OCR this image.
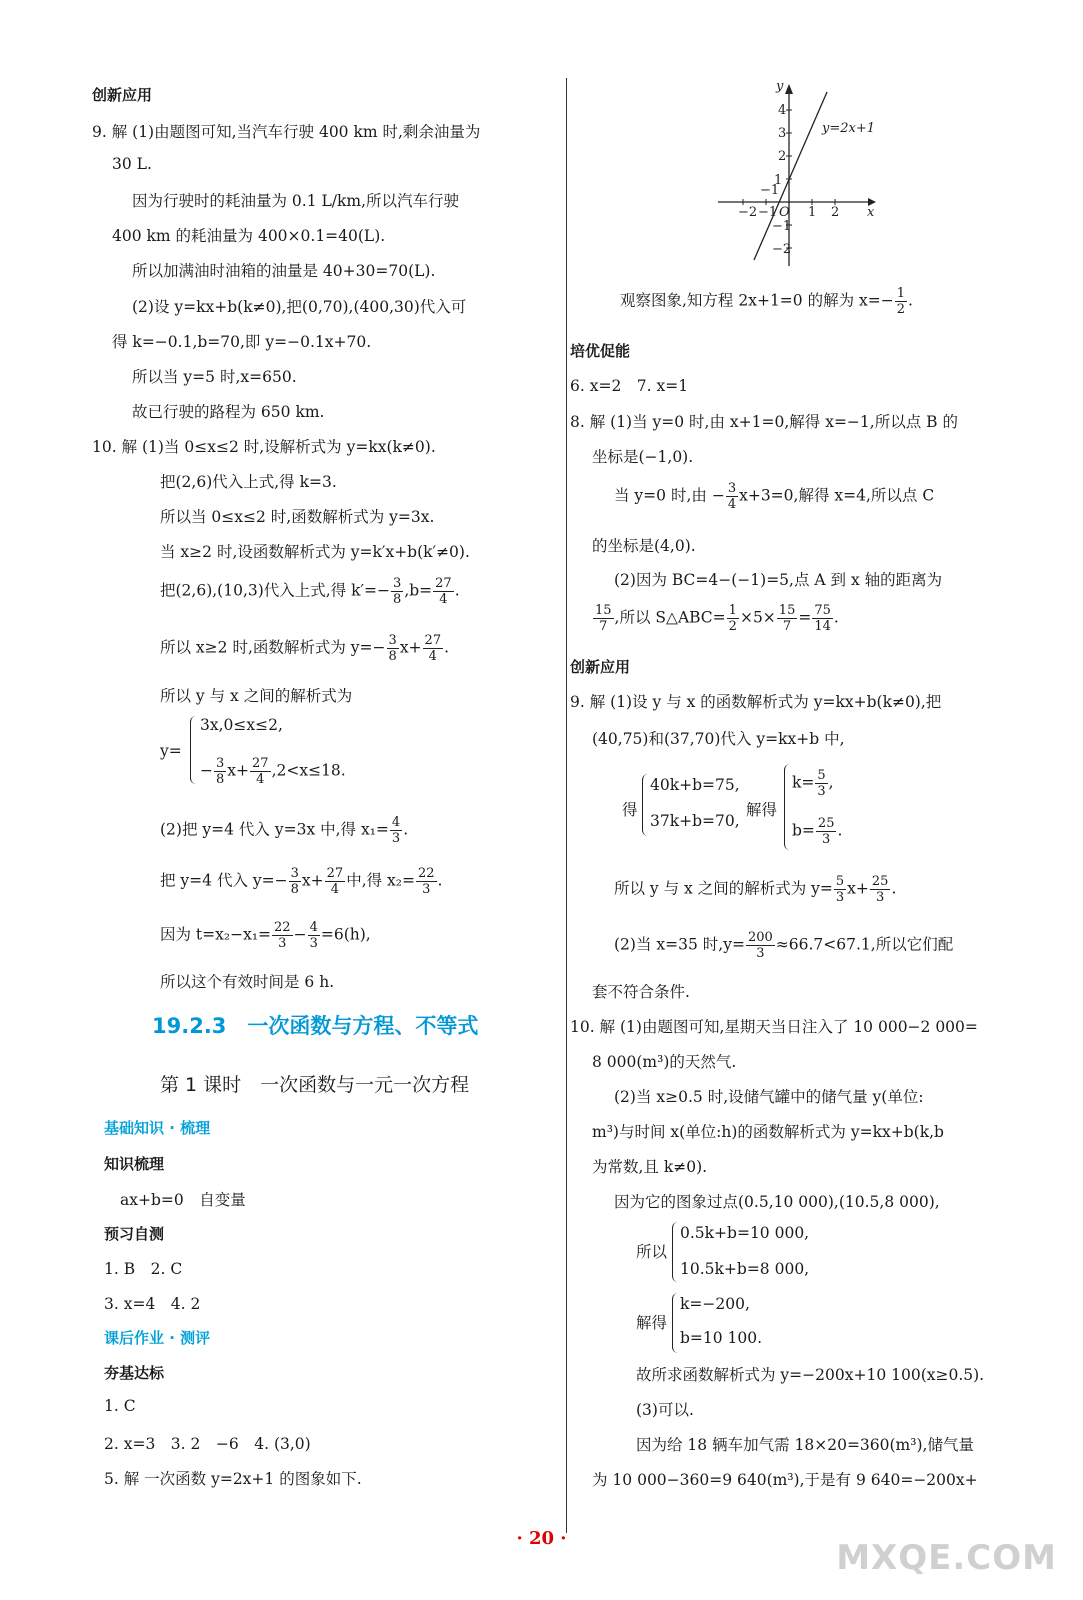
创新应用
9. 解 (1)由题图可知,当汽车行驶 400 km 时,剩余油量为
30 L.
因为行驶时的耗油量为 0.1 L/km,所以汽车行驶
400 km 的耗油量为 400×0.1=40(L).
所以加满油时油箱的油量是 40+30=70(L).
(2)设 y=kx+b(k≠0),把(0,70),(400,30)代入可
得 k=−0.1,b=70,即 y=−0.1x+70.
所以当 y=5 时,x=650.
故已行驶的路程为 650 km.
10. 解 (1)当 0≤x≤2 时,设解析式为 y=kx(k≠0).
把(2,6)代入上式,得 k=3.
所以当 0≤x≤2 时,函数解析式为 y=3x.
当 x≥2 时,设函数解析式为 y=k′x+b(k′≠0).
把(2,6),(10,3)代入上式,得 $k'=- \frac{3}{8} ,b= \frac{27}{4}$ .
所以 x≥2 时,函数解析式为 $y=- \frac{3}{8} x+ \frac{27}{4}$ .
所以 y 与 x 之间的解析式为
y=
3x,0≤x≤2,
− $\frac{3}{8} x+ \frac{27}{4} ,2<x\le 18$.
(2)把 y=4 代入 y=3x 中,得 $x_1= \frac{4}{3}$ .
把 y=4 代入 $y=- \frac{3}{8} x+ \frac{27}{4}$ 中,得 $x_2= \frac{22}{3}$ .
因为 $t=x_2-x_1= \frac{22}{3} - \frac{4}{3} =6(h)$,
所以这个有效时间是 6 h.
19.2.3　一次函数与方程、不等式
第 1 课时　一次函数与一元一次方程
基础知识 · 梳理
知识梳理
ax+b=0　自变量
预习自测
1. B　2. C
3. x=4　4. 2
课后作业 · 测评
夯基达标
1. C
2. x=3　3. 2　−6　4. (3,0)
5. 解 一次函数 y=2x+1 的图象如下.
y
x
O
y=2x+1
4
3
2
1
−1
−2 −1 1 2
−1
−2
观察图象,知方程 2x+1=0 的解为 $x=- \frac{1}{2}$ .
培优促能
6. x=2　7. x=1
8. 解 (1)当 y=0 时,由 x+1=0,解得 x=−1,所以点 B 的
坐标是(−1,0).
当 y=0 时,由 − $\frac{3}{4} x+3=0$,解得 x=4,所以点 C
的坐标是(4,0).
(2)因为 BC=4−(−1)=5,点 A 到 x 轴的距离为
$\frac{15}{7}$ ,所以 S△ABC= $\frac{1}{2} \times 5\times \frac{15}{7} = \frac{75}{14}$ .
创新应用
9. 解 (1)设 y 与 x 的函数解析式为 y=kx+b(k≠0),把
(40,75)和(37,70)代入 y=kx+b 中,
得
40k+b=75,
37k+b=70,
解得
$k= \frac{5}{3}$ ,
$b= \frac{25}{3}$ .
所以 y 与 x 之间的解析式为 $y= \frac{5}{3} x+ \frac{25}{3}$ .
(2)当 x=35 时$,y= \frac{200}{3} \approx 66.7<67.1$,所以它们配
套不符合条件.
10. 解 (1)由题图可知,星期天当日注入了 10 000−2 000=
8 000(m³)的天然气.
(2)当 x≥0.5 时,设储气罐中的储气量 y(单位:
m³)与时间 x(单位:h)的函数解析式为 y=kx+b(k,b
为常数,且 k≠0).
因为它的图象过点(0.5,10 000),(10.5,8 000),
所以
0.5k+b=10 000,
10.5k+b=8 000,
解得
k=−200,
b=10 100.
故所求函数解析式为 y=−200x+10 100(x≥0.5).
(3)可以.
因为给 18 辆车加气需 18×20=360(m³),储气量
为 10 000−360=9 640(m³),于是有 9 640=−200x+
· 20 ·	MXQE.COM
